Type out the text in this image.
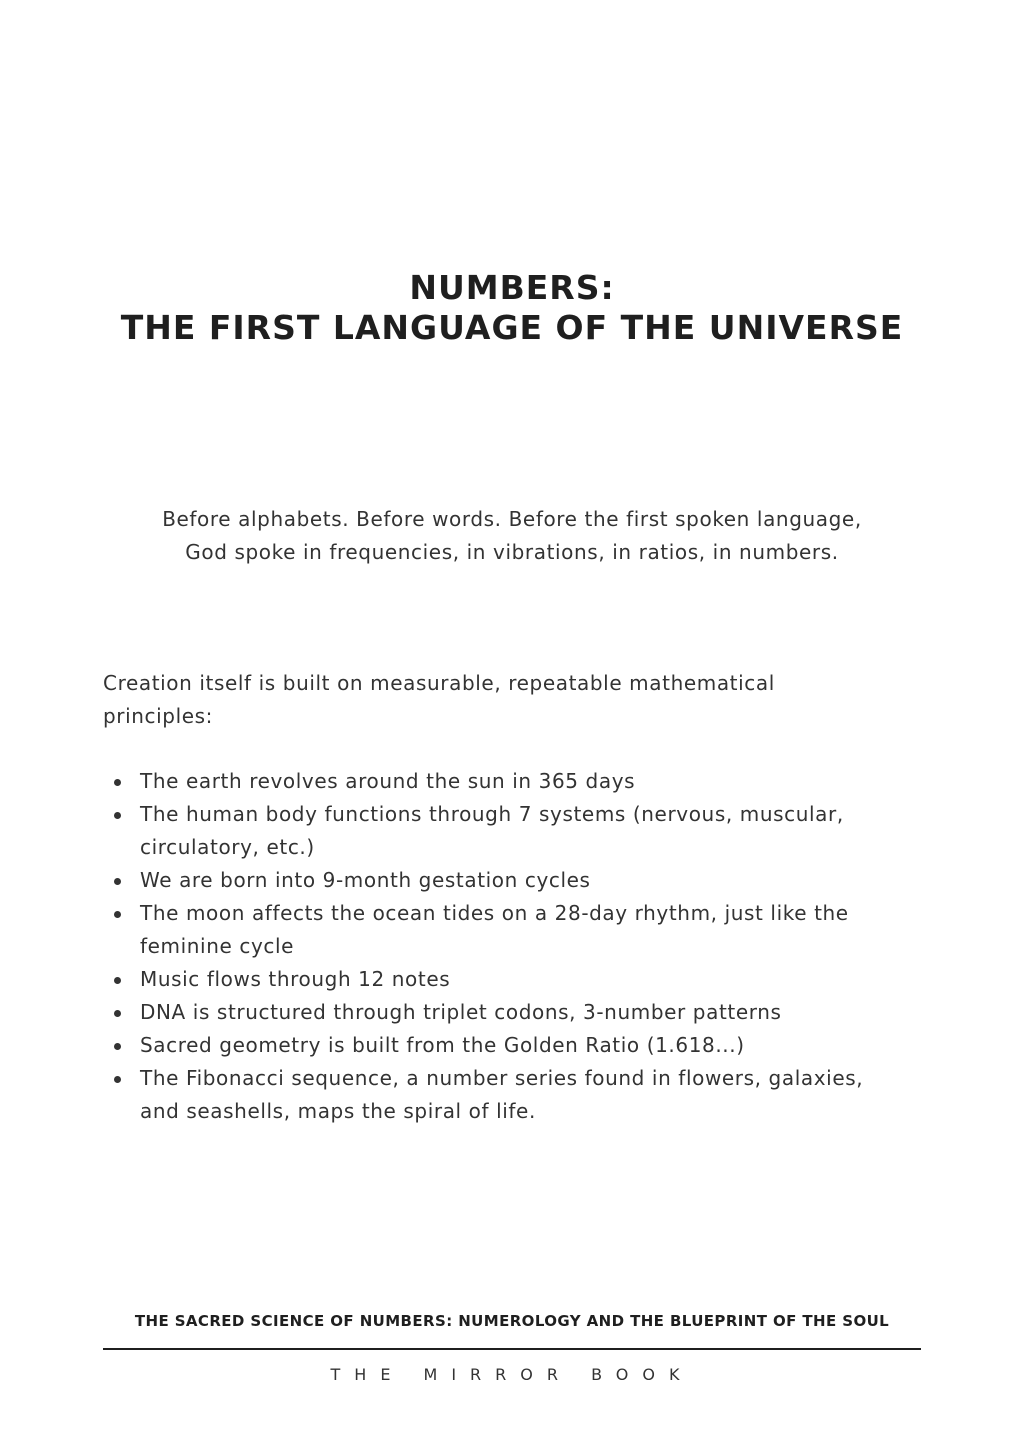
NUMBERS:
THE FIRST LANGUAGE OF THE UNIVERSE
Before alphabets. Before words. Before the first spoken language,
God spoke in frequencies, in vibrations, in ratios, in numbers.
Creation itself is built on measurable, repeatable mathematical
principles:
The earth revolves around the sun in 365 days
The human body functions through 7 systems (nervous, muscular,
circulatory, etc.)
We are born into 9-month gestation cycles
The moon affects the ocean tides on a 28-day rhythm, just like the
feminine cycle
Music flows through 12 notes
DNA is structured through triplet codons, 3-number patterns
Sacred geometry is built from the Golden Ratio (1.618...)
The Fibonacci sequence, a number series found in flowers, galaxies,
and seashells, maps the spiral of life.
THE SACRED SCIENCE OF NUMBERS: NUMEROLOGY AND THE BLUEPRINT OF THE SOUL
THE MIRROR BOOK
